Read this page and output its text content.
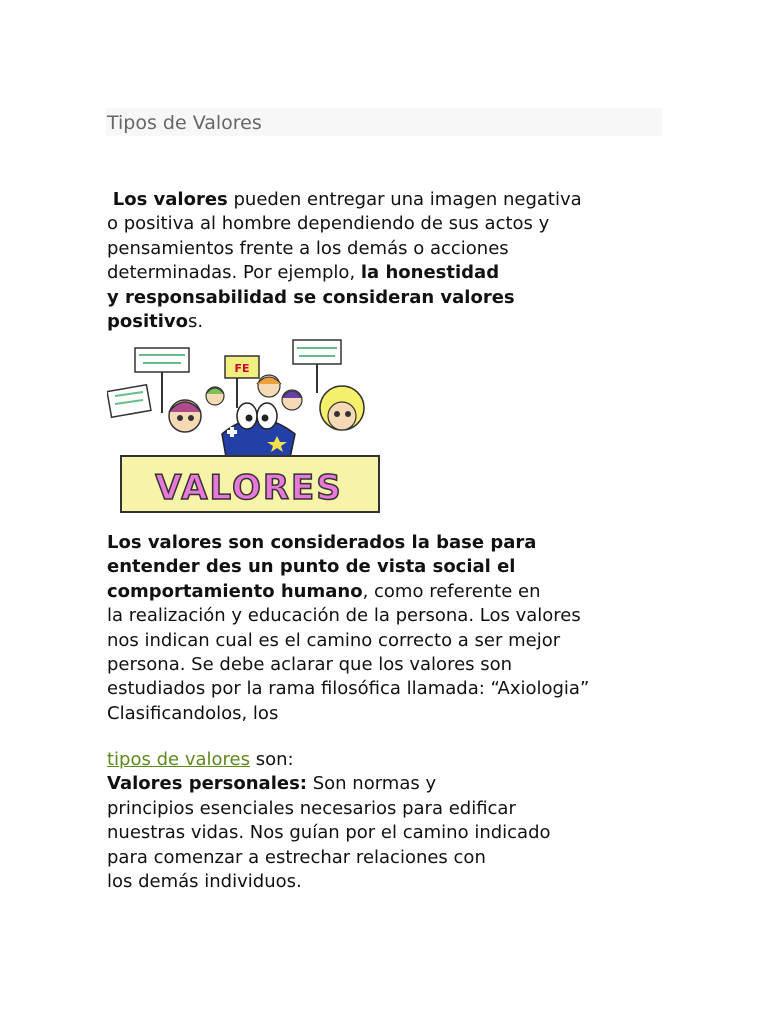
Tipos de Valores
Los valores pueden entregar una imagen negativa
o positiva al hombre dependiendo de sus actos y
pensamientos frente a los demás o acciones
determinadas. Por ejemplo, la honestidad
y responsabilidad se consideran valores
positivos.
FE
VALORES
Los valores son considerados la base para
entender des un punto de vista social el
comportamiento humano, como referente en
la realización y educación de la persona. Los valores
nos indican cual es el camino correcto a ser mejor
persona. Se debe aclarar que los valores son
estudiados por la rama filosófica llamada: “Axiologia”
Clasificandolos, los
tipos de valores son:
Valores personales: Son normas y
principios esenciales necesarios para edificar
nuestras vidas. Nos guían por el camino indicado
para comenzar a estrechar relaciones con
los demás individuos.
